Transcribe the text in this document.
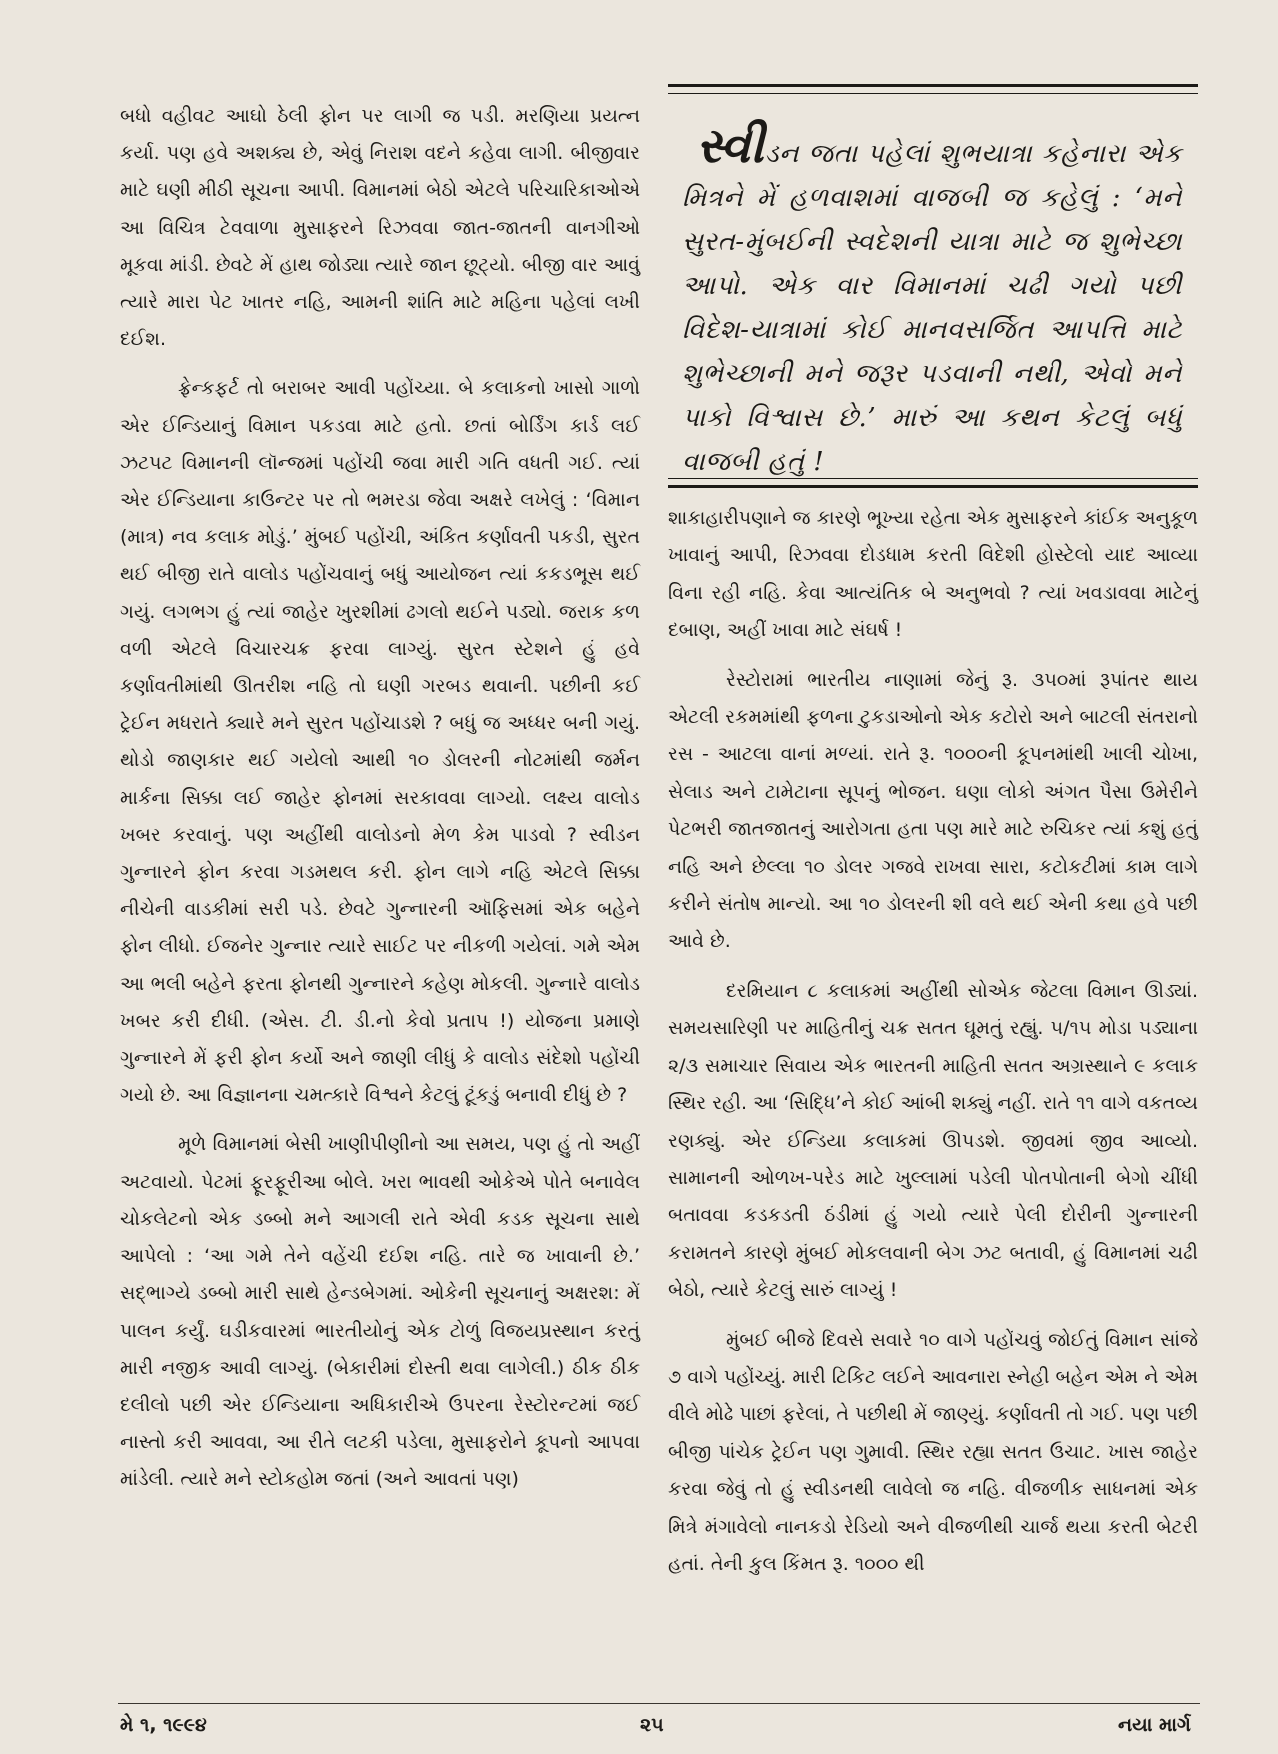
બધો વહીવટ આઘો ઠેલી ફોન પર લાગી જ પડી. મરણિયા પ્રયત્ન કર્યા. પણ હવે અશક્ય છે, એવું નિરાશ વદને કહેવા લાગી. બીજીવાર માટે ઘણી મીઠી સૂચના આપી. વિમાનમાં બેઠો એટલે પરિચારિકાઓએ આ વિચિત્ર ટેવવાળા મુસાફરને રિઝવવા જાત-જાતની વાનગીઓ મૂકવા માંડી. છેવટે મેં હાથ જોડ્યા ત્યારે જાન છૂટ્યો. બીજી વાર આવું ત્યારે મારા પેટ ખાતર નહિ, આમની શાંતિ માટે મહિના પહેલાં લખી દઈશ.

ફ્રેન્કફર્ટ તો બરાબર આવી પહોંચ્યા. બે કલાકનો ખાસો ગાળો એર ઈન્ડિયાનું વિમાન પકડવા માટે હતો. છતાં બોર્ડિંગ કાર્ડ લઈ ઝટપટ વિમાનની લૉન્જમાં પહોંચી જવા મારી ગતિ વધતી ગઈ. ત્યાં એર ઈન્ડિયાના કાઉન્ટર પર તો ભમરડા જેવા અક્ષરે લખેલું : ‘વિમાન (માત્ર) નવ કલાક મોડું.’ મુંબઈ પહોંચી, અંકિત કર્ણાવતી પકડી, સુરત થઈ બીજી રાતે વાલોડ પહોંચવાનું બધું આયોજન ત્યાં કકડભૂસ થઈ ગયું. લગભગ હું ત્યાં જાહેર ખુરશીમાં ઢગલો થઈને પડ્યો. જરાક કળ વળી એટલે વિચારચક્ર ફરવા લાગ્યું. સુરત સ્ટેશને હું હવે કર્ણાવતીમાંથી ઊતરીશ નહિ તો ઘણી ગરબડ થવાની. પછીની કઈ ટ્રેઈન મધરાતે ક્યારે મને સુરત પહોંચાડશે ? બધું જ અધ્ધર બની ગયું. થોડો જાણકાર થઈ ગયેલો આથી ૧૦ ડોલરની નોટમાંથી જર્મન માર્કના સિક્કા લઈ જાહેર ફોનમાં સરકાવવા લાગ્યો. લક્ષ્ય વાલોડ ખબર કરવાનું. પણ અહીંથી વાલોડનો મેળ કેમ પાડવો ? સ્વીડન ગુન્નારને ફોન કરવા ગડમથલ કરી. ફોન લાગે નહિ એટલે સિક્કા નીચેની વાડકીમાં સરી પડે. છેવટે ગુન્નારની ઑફિસમાં એક બહેને ફોન લીધો. ઈજનેર ગુન્નાર ત્યારે સાઈટ પર નીકળી ગયેલાં. ગમે એમ આ ભલી બહેને ફરતા ફોનથી ગુન્નારને કહેણ મોકલી. ગુન્નારે વાલોડ ખબર કરી દીધી. (એસ. ટી. ડી.નો કેવો પ્રતાપ !) યોજના પ્રમાણે ગુન્નારને મેં ફરી ફોન કર્યો અને જાણી લીધું કે વાલોડ સંદેશો પહોંચી ગયો છે. આ વિજ્ઞાનના ચમત્કારે વિશ્વને કેટલું ટૂંકડું બનાવી દીધું છે ?

મૂળે વિમાનમાં બેસી ખાણીપીણીનો આ સમય, પણ હું તો અહીં અટવાયો. પેટમાં ફૂરફૂરીઆ બોલે. ખરા ભાવથી ઓકેએ પોતે બનાવેલ ચોકલેટનો એક ડબ્બો મને આગલી રાતે એવી કડક સૂચના સાથે આપેલો : ‘આ ગમે તેને વહેંચી દઈશ નહિ. તારે જ ખાવાની છે.’ સદ્ભાગ્યે ડબ્બો મારી સાથે હેન્ડબેગમાં. ઓકેની સૂચનાનું અક્ષરશ: મેં પાલન કર્યું. ઘડીકવારમાં ભારતીયોનું એક ટોળું વિજયપ્રસ્થાન કરતું મારી નજીક આવી લાગ્યું. (બેકારીમાં દોસ્તી થવા લાગેલી.) ઠીક ઠીક દલીલો પછી એર ઈન્ડિયાના અધિકારીએ ઉપરના રેસ્ટોરન્ટમાં જઈ નાસ્તો કરી આવવા, આ રીતે લટકી પડેલા, મુસાફરોને કૂપનો આપવા માંડેલી. ત્યારે મને સ્ટોકહોમ જતાં (અને આવતાં પણ)

સ્વીડન જતા પહેલાં શુભયાત્રા કહેનારા એક મિત્રને મેં હળવાશમાં વાજબી જ કહેલું : ‘મને સુરત-મુંબઈની સ્વદેશની યાત્રા માટે જ શુભેચ્છા આપો. એક વાર વિમાનમાં ચઢી ગયો પછી વિદેશ-યાત્રામાં કોઈ માનવસર્જિત આપત્તિ માટે શુભેચ્છાની મને જરૂર પડવાની નથી, એવો મને પાકો વિશ્વાસ છે.’ મારું આ કથન કેટલું બધું વાજબી હતું !

શાકાહારીપણાને જ કારણે ભૂખ્યા રહેતા એક મુસાફરને કાંઈક અનુકૂળ ખાવાનું આપી, રિઝવવા દોડધામ કરતી વિદેશી હોસ્ટેલો યાદ આવ્યા વિના રહી નહિ. કેવા આત્યંતિક બે અનુભવો ? ત્યાં ખવડાવવા માટેનું દબાણ, અહીં ખાવા માટે સંઘર્ષ !

રેસ્ટોરામાં ભારતીય નાણામાં જેનું રૂ. ૩૫૦માં રૂપાંતર થાય એટલી રકમમાંથી ફળના ટુકડાઓનો એક કટોરો અને બાટલી સંતરાનો રસ - આટલા વાનાં મળ્યાં. રાતે રૂ. ૧૦૦૦ની કૂપનમાંથી ખાલી ચોખા, સેલાડ અને ટામેટાના સૂપનું ભોજન. ઘણા લોકો અંગત પૈસા ઉમેરીને પેટભરી જાતજાતનું આરોગતા હતા પણ મારે માટે રુચિકર ત્યાં કશું હતું નહિ અને છેલ્લા ૧૦ ડોલર ગજવે રાખવા સારા, કટોકટીમાં કામ લાગે કરીને સંતોષ માન્યો. આ ૧૦ ડોલરની શી વલે થઈ એની કથા હવે પછી આવે છે.

દરમિયાન ૮ કલાકમાં અહીંથી સોએક જેટલા વિમાન ઊડ્યાં. સમયસારિણી પર માહિતીનું ચક્ર સતત ઘૂમતું રહ્યું. ૫/૧૫ મોડા પડ્યાના ૨/૩ સમાચાર સિવાય એક ભારતની માહિતી સતત અગ્રસ્થાને ૯ કલાક સ્થિર રહી. આ ‘સિદ્ધિ’ને કોઈ આંબી શક્યું નહીં. રાતે ૧૧ વાગે વકતવ્ય રણક્યું. એર ઈન્ડિયા કલાકમાં ઊપડશે. જીવમાં જીવ આવ્યો. સામાનની ઓળખ-પરેડ માટે ખુલ્લામાં પડેલી પોતપોતાની બેગો ચીંધી બતાવવા કડકડતી ઠંડીમાં હું ગયો ત્યારે પેલી દોરીની ગુન્નારની કરામતને કારણે મુંબઈ મોકલવાની બેગ ઝટ બતાવી, હું વિમાનમાં ચઢી બેઠો, ત્યારે કેટલું સારું લાગ્યું !

મુંબઈ બીજે દિવસે સવારે ૧૦ વાગે પહોંચવું જોઈતું વિમાન સાંજે ૭ વાગે પહોંચ્યું. મારી ટિકિટ લઈને આવનારા સ્નેહી બહેન એમ ને એમ વીલે મોઢે પાછાં ફરેલાં, તે પછીથી મેં જાણ્યું. કર્ણાવતી તો ગઈ. પણ પછી બીજી પાંચેક ટ્રેઈન પણ ગુમાવી. સ્થિર રહ્યા સતત ઉચાટ. ખાસ જાહેર કરવા જેવું તો હું સ્વીડનથી લાવેલો જ નહિ. વીજળીક સાધનમાં એક મિત્રે મંગાવેલો નાનકડો રેડિયો અને વીજળીથી ચાર્જ થયા કરતી બેટરી હતાં. તેની કુલ કિંમત રૂ. ૧૦૦૦ થી

મે ૧, ૧૯૯૪	૨૫	નયા માર્ગ
